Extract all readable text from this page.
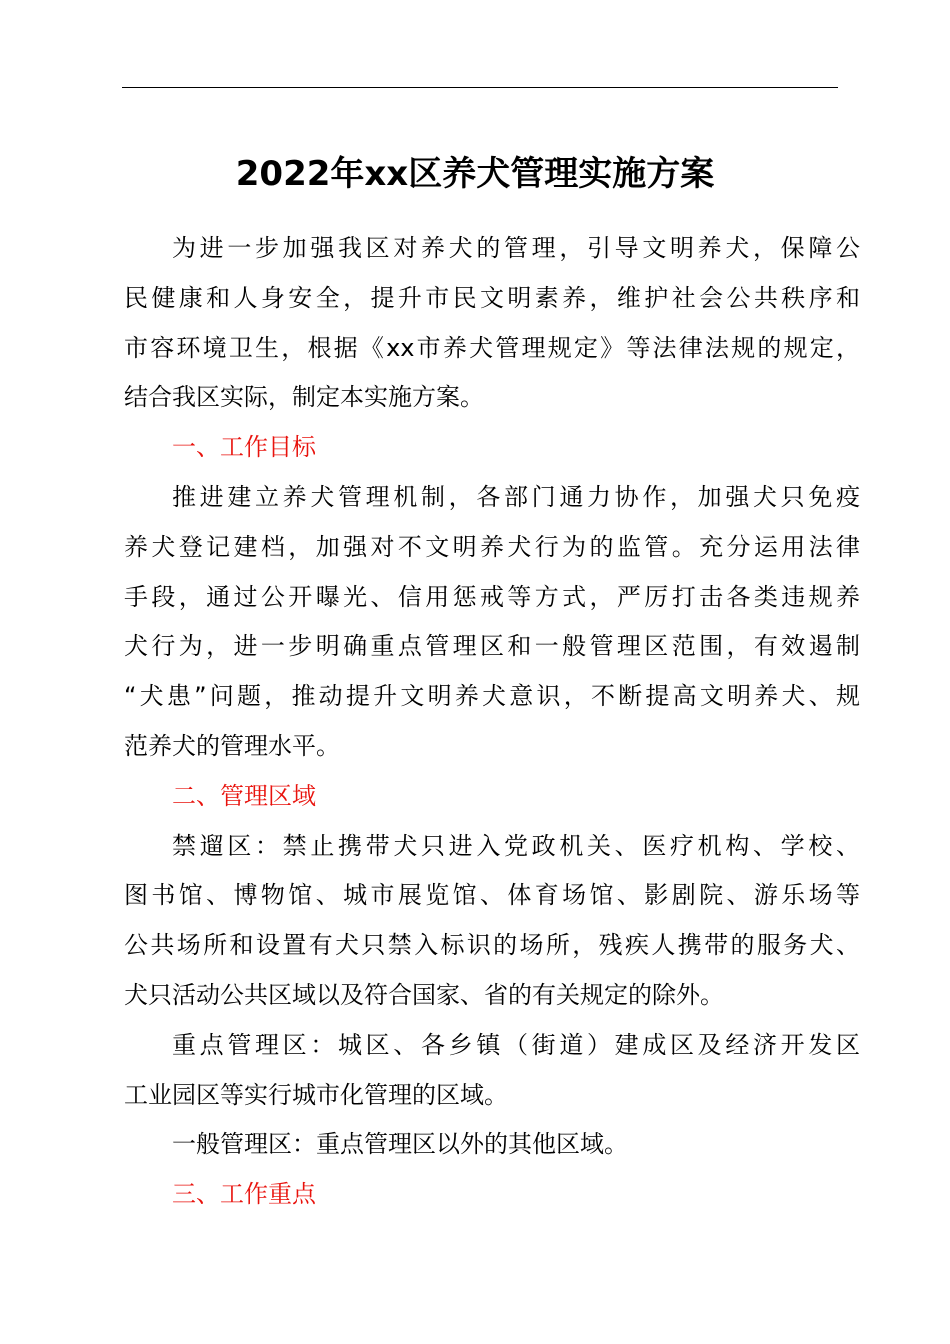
2022年xx区养犬管理实施方案

为进一步加强我区对养犬的管理，引导文明养犬，保障公
民健康和人身安全，提升市民文明素养，维护社会公共秩序和
市容环境卫生，根据《xx市养犬管理规定》等法律法规的规定，
结合我区实际，制定本实施方案。

一、工作目标

推进建立养犬管理机制，各部门通力协作，加强犬只免疫
养犬登记建档，加强对不文明养犬行为的监管。充分运用法律
手段，通过公开曝光、信用惩戒等方式，严厉打击各类违规养
犬行为，进一步明确重点管理区和一般管理区范围，有效遏制
“犬患”问题，推动提升文明养犬意识，不断提高文明养犬、规
范养犬的管理水平。

二、管理区域

禁遛区：禁止携带犬只进入党政机关、医疗机构、学校、
图书馆、博物馆、城市展览馆、体育场馆、影剧院、游乐场等
公共场所和设置有犬只禁入标识的场所，残疾人携带的服务犬、
犬只活动公共区域以及符合国家、省的有关规定的除外。

重点管理区：城区、各乡镇（街道）建成区及经济开发区
工业园区等实行城市化管理的区域。

一般管理区：重点管理区以外的其他区域。

三、工作重点
